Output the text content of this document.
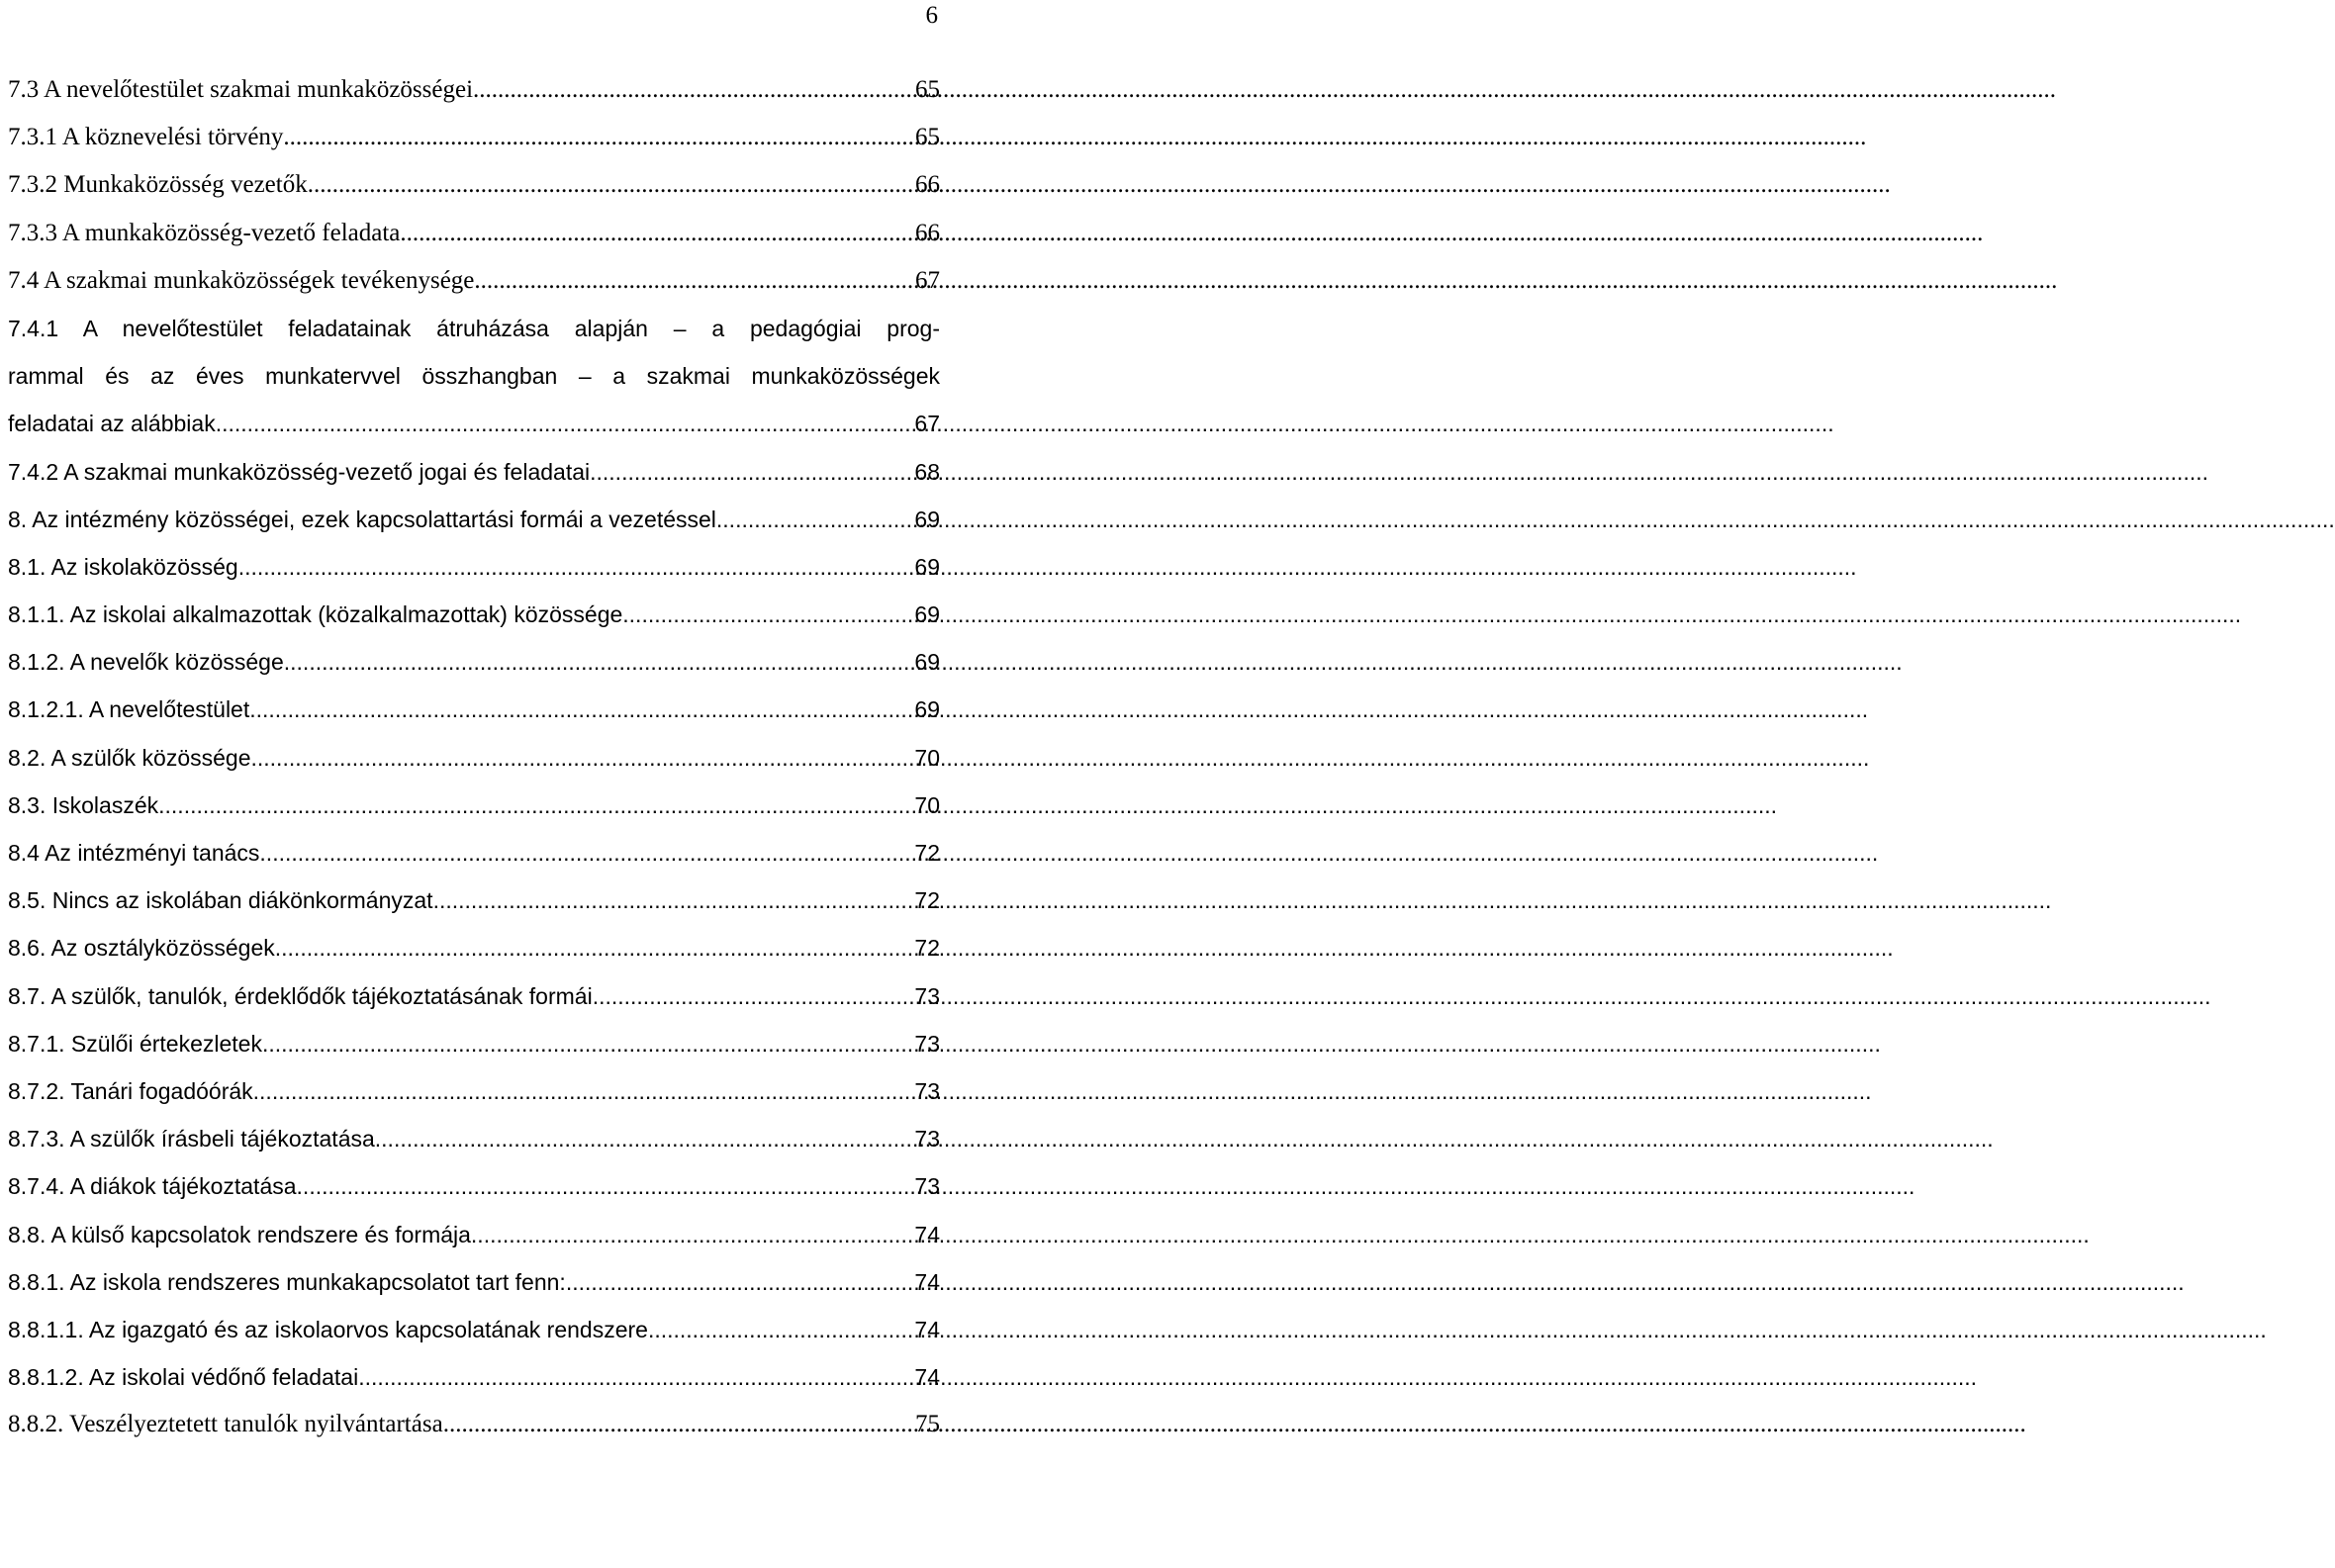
6
7.3 A nevelőtestület szakmai munkaközösségei .....	65
7.3.1 A köznevelési törvény .....	65
7.3.2 Munkaközösség vezetők .....	66
7.3.3 A munkaközösség-vezető feladata .....	66
7.4 A szakmai munkaközösségek tevékenysége .....	67
7.4.1 A nevelőtestület feladatainak átruházása alapján – a pedagógiai prog-
rammal és az éves munkatervvel összhangban – a szakmai munkaközösségek
feladatai az alábbiak .....	67
7.4.2 A szakmai munkaközösség-vezető jogai és feladatai .....	68
8. Az intézmény közösségei, ezek kapcsolattartási formái a vezetéssel .....	69
8.1. Az iskolaközösség .....	69
8.1.1. Az iskolai alkalmazottak (közalkalmazottak) közössége .....	69
8.1.2. A nevelők közössége .....	69
8.1.2.1. A nevelőtestület .....	69
8.2. A szülők közössége .....	70
8.3. Iskolaszék .....	70
8.4 Az intézményi tanács .....	72
8.5. Nincs az iskolában diákönkormányzat .....	72
8.6. Az osztályközösségek .....	72
8.7. A szülők, tanulók, érdeklődők tájékoztatásának formái .....	73
8.7.1. Szülői értekezletek .....	73
8.7.2. Tanári fogadóórák .....	73
8.7.3. A szülők írásbeli tájékoztatása .....	73
8.7.4. A diákok tájékoztatása .....	73
8.8. A külső kapcsolatok rendszere és formája .....	74
8.8.1. Az iskola rendszeres munkakapcsolatot tart fenn: .....	74
8.8.1.1. Az igazgató és az iskolaorvos kapcsolatának rendszere .....	74
8.8.1.2. Az iskolai védőnő feladatai .....	74
8.8.2. Veszélyeztetett tanulók nyilvántartása .....	75
